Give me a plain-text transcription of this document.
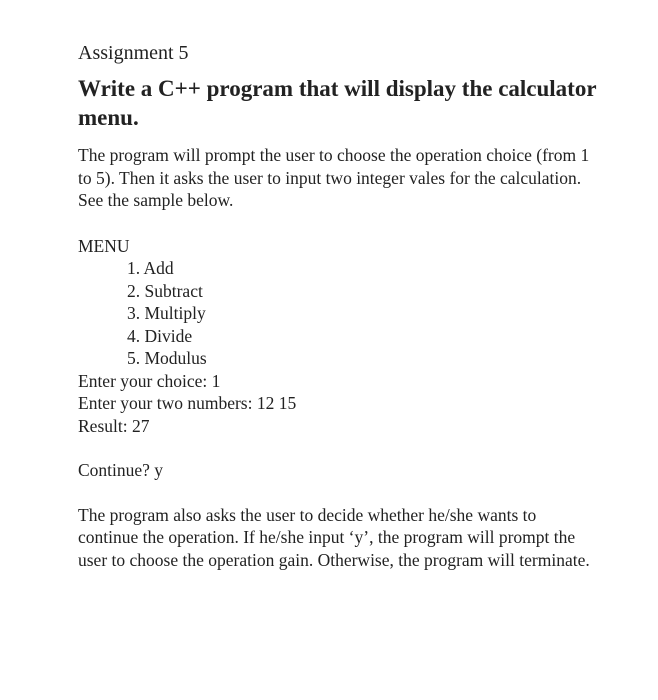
Assignment 5

Write a C++ program that will display the calculator menu.

The program will prompt the user to choose the operation choice (from 1 to 5). Then it asks the user to input two integer vales for the calculation. See the sample below.

MENU
1. Add
2. Subtract
3. Multiply
4. Divide
5. Modulus
Enter your choice: 1
Enter your two numbers: 12 15
Result: 27
Continue? y

The program also asks the user to decide whether he/she wants to continue the operation. If he/she input ‘y’, the program will prompt the user to choose the operation gain. Otherwise, the program will terminate.
